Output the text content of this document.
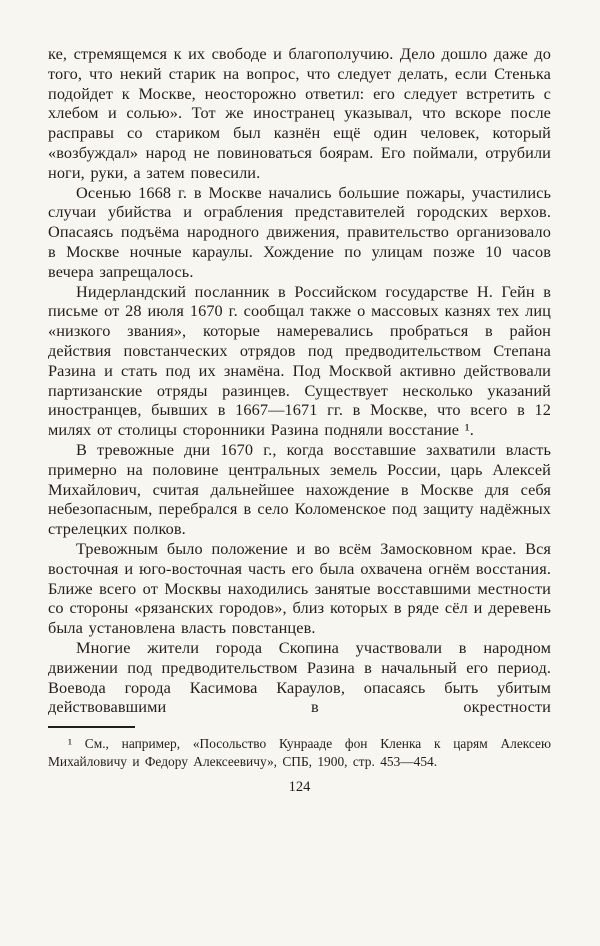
ке, стремящемся к их свободе и благополучию. Дело дошло даже до того, что некий старик на вопрос, что следует делать, если Стенька подойдет к Москве, неосторожно ответил: его следует встретить с хлебом и солью». Тот же иностранец указывал, что вскоре после расправы со стариком был казнён ещё один человек, который «возбуждал» народ не повиноваться боярам. Его поймали, отрубили ноги, руки, а затем повесили.

Осенью 1668 г. в Москве начались большие пожары, участились случаи убийства и ограбления представителей городских верхов. Опасаясь подъёма народного движения, правительство организовало в Москве ночные караулы. Хождение по улицам позже 10 часов вечера запрещалось.

Нидерландский посланник в Российском государстве Н. Гейн в письме от 28 июля 1670 г. сообщал также о массовых казнях тех лиц «низкого звания», которые намеревались пробраться в район действия повстанческих отрядов под предводительством Степана Разина и стать под их знамёна. Под Москвой активно действовали партизанские отряды разинцев. Существует несколько указаний иностранцев, бывших в 1667—1671 гг. в Москве, что всего в 12 милях от столицы сторонники Разина подняли восстание ¹.

В тревожные дни 1670 г., когда восставшие захватили власть примерно на половине центральных земель России, царь Алексей Михайлович, считая дальнейшее нахождение в Москве для себя небезопасным, перебрался в село Коломенское под защиту надёжных стрелецких полков.

Тревожным было положение и во всём Замосковном крае. Вся восточная и юго-восточная часть его была охвачена огнём восстания. Ближе всего от Москвы находились занятые восставшими местности со стороны «рязанских городов», близ которых в ряде сёл и деревень была установлена власть повстанцев.

Многие жители города Скопина участвовали в народном движении под предводительством Разина в начальный его период. Воевода города Касимова Караулов, опасаясь быть убитым действовавшими в окрестности

¹ См., например, «Посольство Кунрааде фон Кленка к царям Алексею Михайловичу и Федору Алексеевичу», СПБ, 1900, стр. 453—454.

124
